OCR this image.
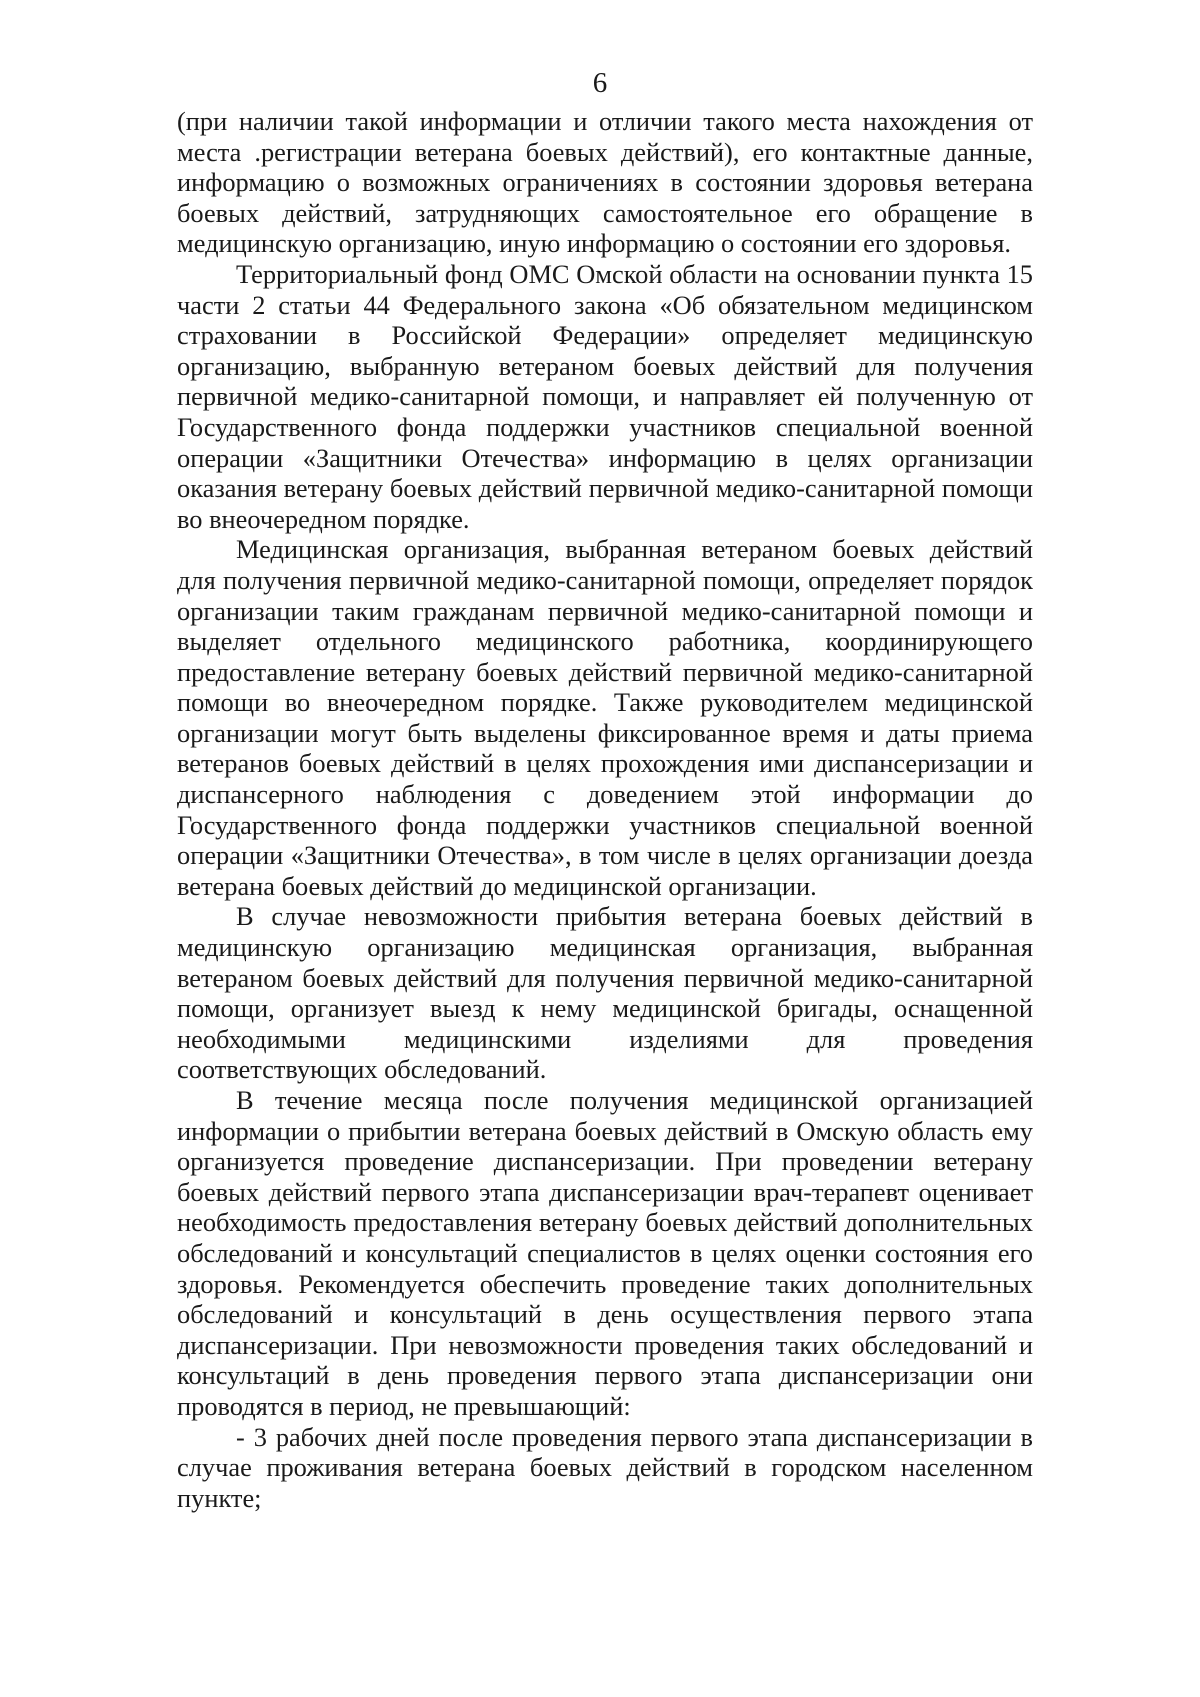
6

(при наличии такой информации и отличии такого места нахождения от места .регистрации ветерана боевых действий), его контактные данные, информацию о возможных ограничениях в состоянии здоровья ветерана боевых действий, затрудняющих самостоятельное его обращение в медицинскую организацию, иную информацию о состоянии его здоровья.

Территориальный фонд ОМС Омской области на основании пункта 15 части 2 статьи 44 Федерального закона «Об обязательном медицинском страховании в Российской Федерации» определяет медицинскую организацию, выбранную ветераном боевых действий для получения первичной медико-санитарной помощи, и направляет ей полученную от Государственного фонда поддержки участников специальной военной операции «Защитники Отечества» информацию в целях организации оказания ветерану боевых действий первичной медико-санитарной помощи во внеочередном порядке.

Медицинская организация, выбранная ветераном боевых действий для получения первичной медико-санитарной помощи, определяет порядок организации таким гражданам первичной медико-санитарной помощи и выделяет отдельного медицинского работника, координирующего предоставление ветерану боевых действий первичной медико-санитарной помощи во внеочередном порядке. Также руководителем медицинской организации могут быть выделены фиксированное время и даты приема ветеранов боевых действий в целях прохождения ими диспансеризации и диспансерного наблюдения с доведением этой информации до Государственного фонда поддержки участников специальной военной операции «Защитники Отечества», в том числе в целях организации доезда ветерана боевых действий до медицинской организации.

В случае невозможности прибытия ветерана боевых действий в медицинскую организацию медицинская организация, выбранная ветераном боевых действий для получения первичной медико-санитарной помощи, организует выезд к нему медицинской бригады, оснащенной необходимыми медицинскими изделиями для проведения соответствующих обследований.

В течение месяца после получения медицинской организацией информации о прибытии ветерана боевых действий в Омскую область ему организуется проведение диспансеризации. При проведении ветерану боевых действий первого этапа диспансеризации врач-терапевт оценивает необходимость предоставления ветерану боевых действий дополнительных обследований и консультаций специалистов в целях оценки состояния его здоровья. Рекомендуется обеспечить проведение таких дополнительных обследований и консультаций в день осуществления первого этапа диспансеризации. При невозможности проведения таких обследований и консультаций в день проведения первого этапа диспансеризации они проводятся в период, не превышающий:

- 3 рабочих дней после проведения первого этапа диспансеризации в случае проживания ветерана боевых действий в городском населенном пункте;
